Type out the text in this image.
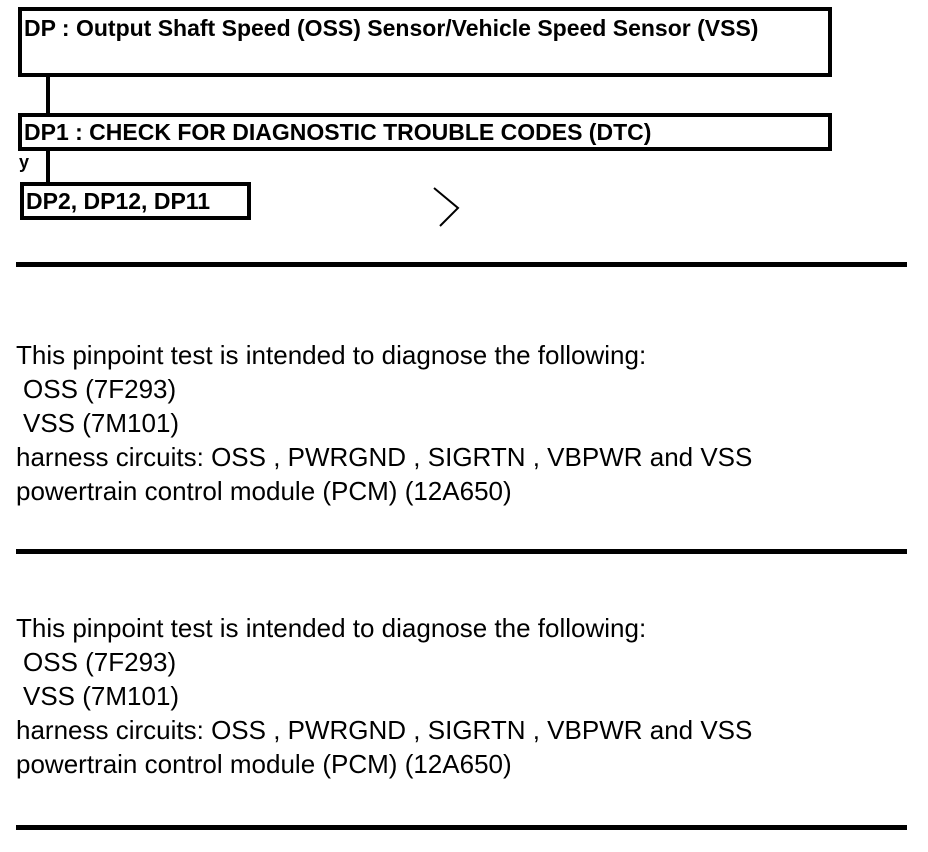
DP : Output Shaft Speed (OSS) Sensor/Vehicle Speed Sensor (VSS)
DP1 : CHECK FOR DIAGNOSTIC TROUBLE CODES (DTC)
y
DP2, DP12, DP11
This pinpoint test is intended to diagnose the following:
OSS (7F293)
VSS (7M101)
harness circuits: OSS , PWRGND , SIGRTN , VBPWR and VSS
powertrain control module (PCM) (12A650)
This pinpoint test is intended to diagnose the following:
OSS (7F293)
VSS (7M101)
harness circuits: OSS , PWRGND , SIGRTN , VBPWR and VSS
powertrain control module (PCM) (12A650)
